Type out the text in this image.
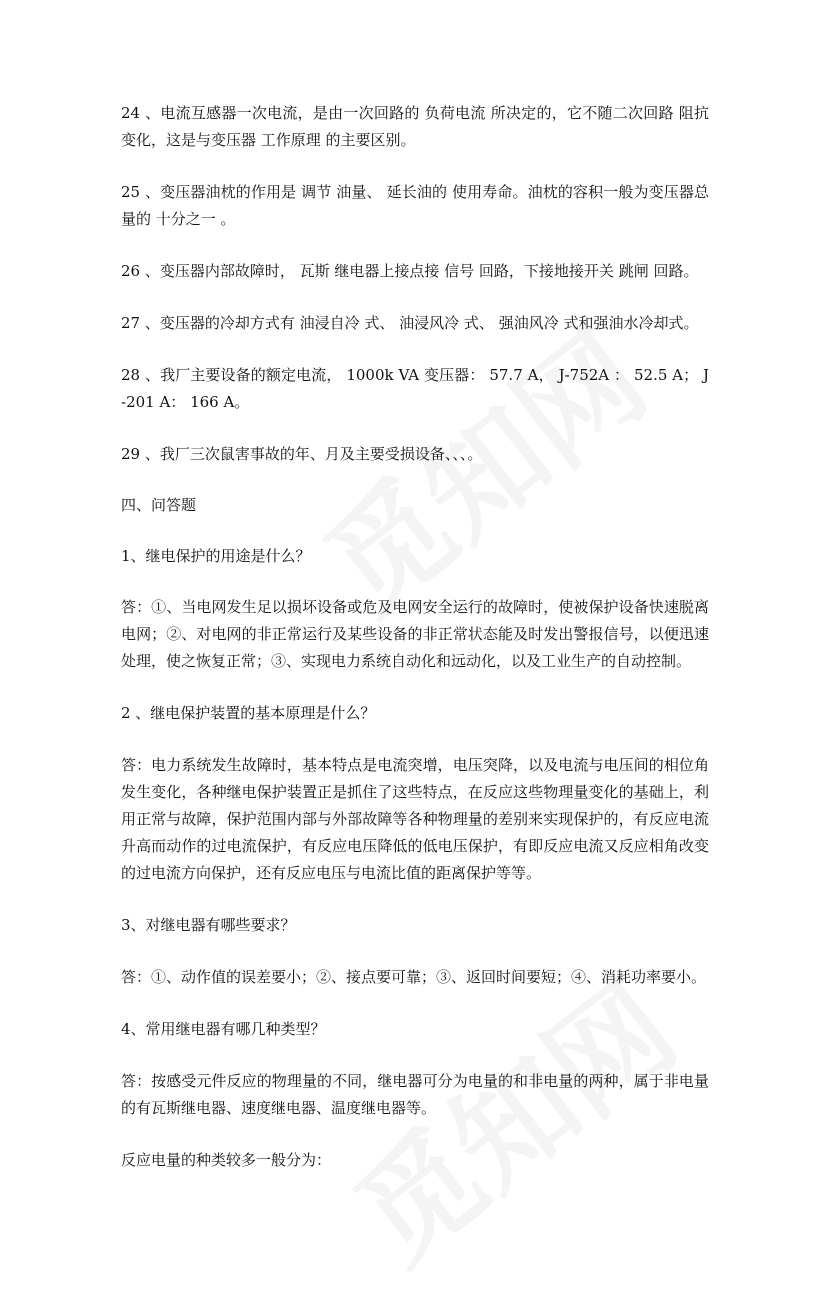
24 、电流互感器一次电流，是由一次回路的 负荷电流 所决定的，它不随二次回路 阻抗 变化，这是与变压器 工作原理 的主要区别。

25 、变压器油枕的作用是 调节 油量、 延长油的 使用寿命。油枕的容积一般为变压器总量的 十分之一 。

26 、变压器内部故障时， 瓦斯 继电器上接点接 信号 回路，下接地接开关 跳闸 回路。

27 、变压器的冷却方式有 油浸自冷 式、 油浸风冷 式、 强油风冷 式和强油水冷却式。

28 、我厂主要设备的额定电流， 1000k VA 变压器： 57.7 A， J-752A ： 52.5 A； J-201 A： 166 A。

29 、我厂三次鼠害事故的年、月及主要受损设备、、、。

四、问答题

1、继电保护的用途是什么？

答：①、当电网发生足以损坏设备或危及电网安全运行的故障时，使被保护设备快速脱离电网；②、对电网的非正常运行及某些设备的非正常状态能及时发出警报信号，以便迅速处理，使之恢复正常；③、实现电力系统自动化和远动化，以及工业生产的自动控制。

2 、继电保护装置的基本原理是什么？

答：电力系统发生故障时，基本特点是电流突增，电压突降，以及电流与电压间的相位角发生变化，各种继电保护装置正是抓住了这些特点，在反应这些物理量变化的基础上，利用正常与故障，保护范围内部与外部故障等各种物理量的差别来实现保护的，有反应电流升高而动作的过电流保护，有反应电压降低的低电压保护，有即反应电流又反应相角改变的过电流方向保护，还有反应电压与电流比值的距离保护等等。

3、对继电器有哪些要求？

答：①、动作值的误差要小；②、接点要可靠；③、返回时间要短；④、消耗功率要小。

4、常用继电器有哪几种类型？

答：按感受元件反应的物理量的不同，继电器可分为电量的和非电量的两种，属于非电量的有瓦斯继电器、速度继电器、温度继电器等。

反应电量的种类较多一般分为：
